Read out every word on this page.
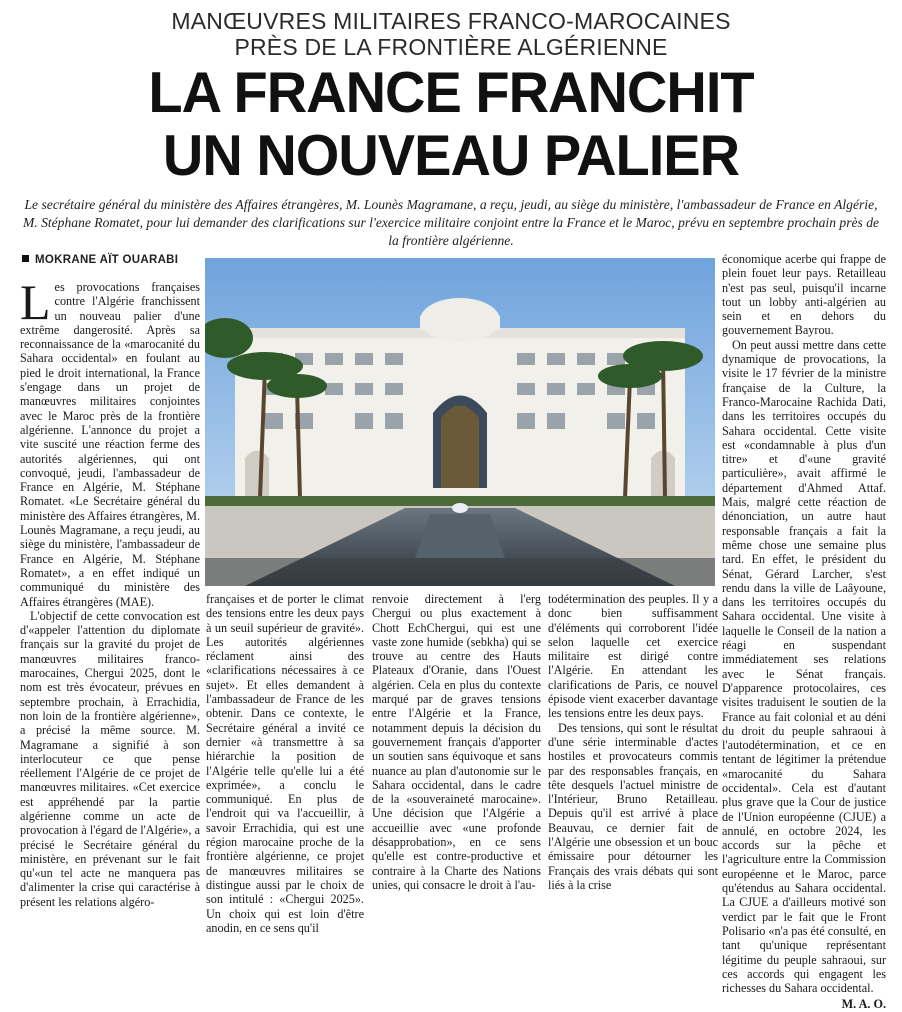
MANŒUVRES MILITAIRES FRANCO-MAROCAINES
PRÈS DE LA FRONTIÈRE ALGÉRIENNE
LA FRANCE FRANCHIT
UN NOUVEAU PALIER
Le secrétaire général du ministère des Affaires étrangères, M. Lounès Magramane, a reçu, jeudi, au siège du ministère, l'ambassadeur de France en Algérie, M. Stéphane Romatet, pour lui demander des clarifications sur l'exercice militaire conjoint entre la France et le Maroc, prévu en septembre prochain près de la frontière algérienne.
MOKRANE AÏT OUARABI

Les provocations françaises contre l'Algérie franchissent un nouveau palier d'une extrême dangerosité. Après sa reconnaissance de la «marocanité du Sahara occidental» en foulant au pied le droit international, la France s'engage dans un projet de manœuvres militaires conjointes avec le Maroc près de la frontière algérienne. L'annonce du projet a vite suscité une réaction ferme des autorités algériennes, qui ont convoqué, jeudi, l'ambassadeur de France en Algérie, M. Stéphane Romatet. «Le Secrétaire général du ministère des Affaires étrangères, M. Lounès Magramane, a reçu jeudi, au siège du ministère, l'ambassadeur de France en Algérie, M. Stéphane Romatet», a en effet indiqué un communiqué du ministère des Affaires étrangères (MAE).

L'objectif de cette convocation est d'«appeler l'attention du diplomate français sur la gravité du projet de manœuvres militaires franco-marocaines, Chergui 2025, dont le nom est très évocateur, prévues en septembre prochain, à Errachidia, non loin de la frontière algérienne», a précisé la même source. M. Magramane a signifié à son interlocuteur ce que pense réellement l'Algérie de ce projet de manœuvres militaires. «Cet exercice est appréhendé par la partie algérienne comme un acte de provocation à l'égard de l'Algérie», a précisé le Secrétaire général du ministère, en prévenant sur le fait qu'«un tel acte ne manquera pas d'alimenter la crise qui caractérise à présent les relations algéro-

françaises et de porter le climat des tensions entre les deux pays à un seuil supérieur de gravité». Les autorités algériennes réclament ainsi des «clarifications nécessaires à ce sujet». Et elles demandent à l'ambassadeur de France de les obtenir. Dans ce contexte, le Secrétaire général a invité ce dernier «à transmettre à sa hiérarchie la position de l'Algérie telle qu'elle lui a été exprimée», a conclu le communiqué. En plus de l'endroit qui va l'accueillir, à savoir Errachidia, qui est une région marocaine proche de la frontière algérienne, ce projet de manœuvres militaires se distingue aussi par le choix de son intitulé : «Chergui 2025». Un choix qui est loin d'être anodin, en ce sens qu'il

renvoie directement à l'erg Chergui ou plus exactement à Chott EchChergui, qui est une vaste zone humide (sebkha) qui se trouve au centre des Hauts Plateaux d'Oranie, dans l'Ouest algérien. Cela en plus du contexte marqué par de graves tensions entre l'Algérie et la France, notamment depuis la décision du gouvernement français d'apporter un soutien sans équivoque et sans nuance au plan d'autonomie sur le Sahara occidental, dans le cadre de la «souveraineté marocaine». Une décision que l'Algérie a accueillie avec «une profonde désapprobation», en ce sens qu'elle est contre-productive et contraire à la Charte des Nations unies, qui consacre le droit à l'au-

todétermination des peuples. Il y a donc bien suffisamment d'éléments qui corroborent l'idée selon laquelle cet exercice militaire est dirigé contre l'Algérie. En attendant les clarifications de Paris, ce nouvel épisode vient exacerber davantage les tensions entre les deux pays.

Des tensions, qui sont le résultat d'une série interminable d'actes hostiles et provocateurs commis par des responsables français, en tête desquels l'actuel ministre de l'Intérieur, Bruno Retailleau. Depuis qu'il est arrivé à place Beauvau, ce dernier fait de l'Algérie une obsession et un bouc émissaire pour détourner les Français des vrais débats qui sont liés à la crise

économique acerbe qui frappe de plein fouet leur pays. Retailleau n'est pas seul, puisqu'il incarne tout un lobby anti-algérien au sein et en dehors du gouvernement Bayrou.

On peut aussi mettre dans cette dynamique de provocations, la visite le 17 février de la ministre française de la Culture, la Franco-Marocaine Rachida Dati, dans les territoires occupés du Sahara occidental. Cette visite est «condamnable à plus d'un titre» et d'«une gravité particulière», avait affirmé le département d'Ahmed Attaf. Mais, malgré cette réaction de dénonciation, un autre haut responsable français a fait la même chose une semaine plus tard. En effet, le président du Sénat, Gérard Larcher, s'est rendu dans la ville de Laâyoune, dans les territoires occupés du Sahara occidental. Une visite à laquelle le Conseil de la nation a réagi en suspendant immédiatement ses relations avec le Sénat français. D'apparence protocolaires, ces visites traduisent le soutien de la France au fait colonial et au déni du droit du peuple sahraoui à l'autodétermination, et ce en tentant de légitimer la prétendue «marocanité du Sahara occidental». Cela est d'autant plus grave que la Cour de justice de l'Union européenne (CJUE) a annulé, en octobre 2024, les accords sur la pêche et l'agriculture entre la Commission européenne et le Maroc, parce qu'étendus au Sahara occidental. La CJUE a d'ailleurs motivé son verdict par le fait que le Front Polisario «n'a pas été consulté, en tant qu'unique représentant légitime du peuple sahraoui, sur ces accords qui engagent les richesses du Sahara occidental.

M. A. O.
